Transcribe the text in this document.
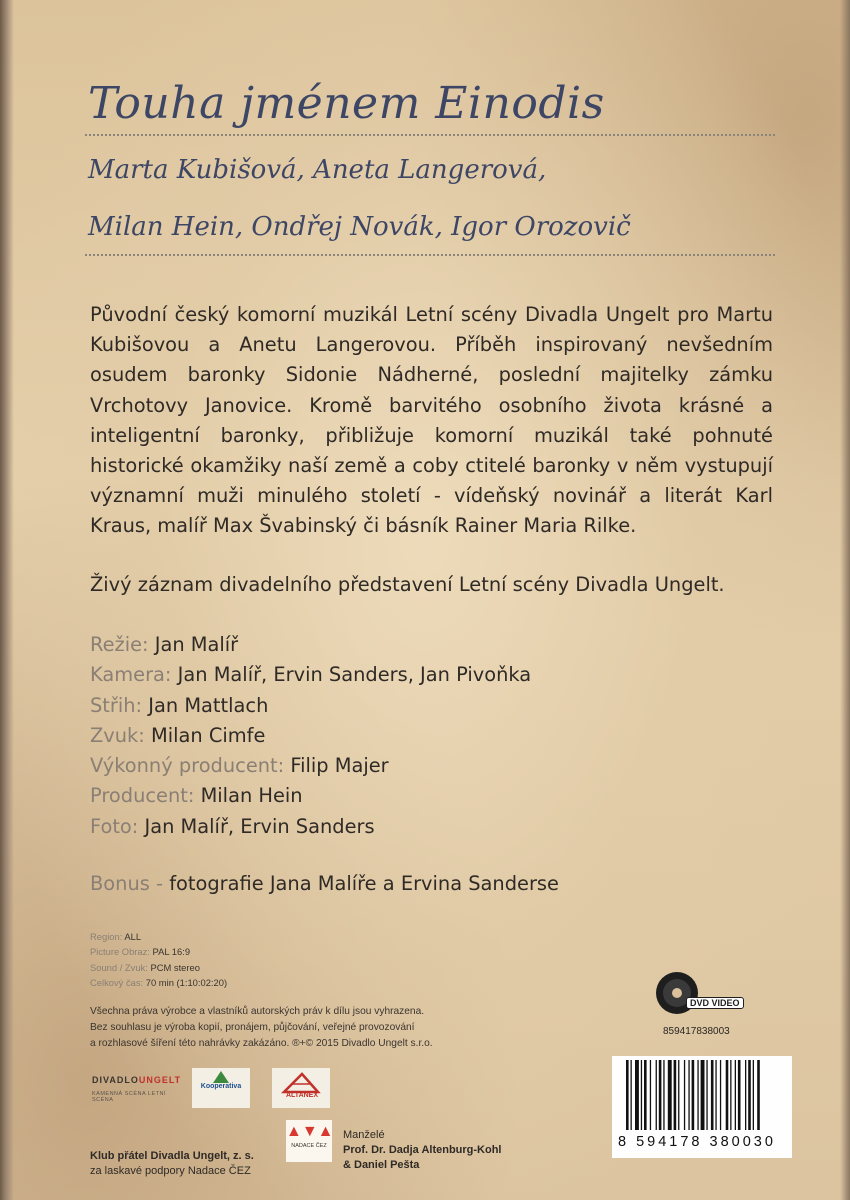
Touha jménem Einodis
Marta Kubišová, Aneta Langerová,
Milan Hein, Ondřej Novák, Igor Orozovič
Původní český komorní muzikál Letní scény Divadla Ungelt pro Martu Kubišovou a Anetu Langerovou. Příběh inspirovaný nevšedním osudem baronky Sidonie Nádherné, poslední majitelky zámku Vrchotovy Janovice. Kromě barvitého osobního života krásné a inteligentní baronky, přibližuje komorní muzikál také pohnuté historické okamžiky naší země a coby ctitelé baronky v něm vystupují významní muži minulého století - vídeňský novinář a literát Karl Kraus, malíř Max Švabinský či básník Rainer Maria Rilke.
Živý záznam divadelního představení Letní scény Divadla Ungelt.
Režie: Jan Malíř
Kamera: Jan Malíř, Ervin Sanders, Jan Pivoňka
Střih: Jan Mattlach
Zvuk: Milan Cimfe
Výkonný producent: Filip Majer
Producent: Milan Hein
Foto: Jan Malíř, Ervin Sanders
Bonus - fotografie Jana Malíře a Ervina Sanderse
Region: ALL
Picture Obraz: PAL 16:9
Sound / Zvuk: PCM stereo
Celkový čas: 70 min (1:10:02:20)
Všechna práva výrobce a vlastníků autorských práv k dílu jsou vyhrazena.
Bez souhlasu je výroba kopií, pronájem, půjčování, veřejné provozování
a rozhlasové šíření této nahrávky zakázáno. ®+© 2015 Divadlo Ungelt s.r.o.
DIVADLOUNGELT
KAMENNÁ SCÉNA LETNÍ SCÉNA
Kooperativa
ALTANEX
Klub přátel Divadla Ungelt, z. s.
za laskavé podpory Nadace ČEZ
▲▼▲
NADACE ČEZ
Manželé
Prof. Dr. Dadja Altenburg-Kohl
& Daniel Pešta
DVD VIDEO
859417838003
8 594178 380030
